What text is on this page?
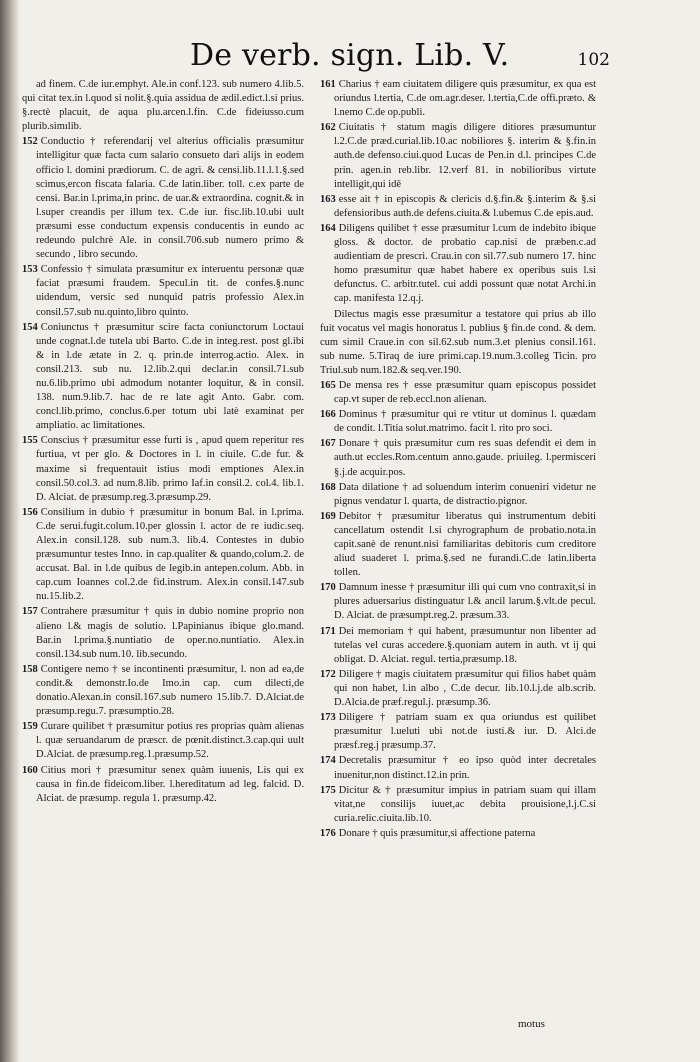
De verb. sign. Lib. V.	102
ad finem. C.de iur.emphyt. Ale.in conf.123. sub numero 4.lib.5. qui citat tex.in l.quod si nolit.§.quia assidua de ædil.edict.l.si prius. §.rectè placuit, de aqua plu.arcen.l.fin. C.de fideiusso.cum plurib.simılib.
152 Conductio † referendarij vel alterius officialis præsumitur intelligitur quæ facta cum salario consueto dari alijs in eodem officio l. domini prædiorum. C. de agri. & censi.lib.11.l.1.§.sed scimus,ercon fiscata falaria. C.de latin.liber. toll. c.ex parte de censi. Bar.in l.prima,in princ. de uar.& extraordina. cognit.& in l.super creandis per illum tex. C.de iur. fisc.lib.10.ubi uult præsumi esse conductum expensis conducentis in eundo ac redeundo pulchrè Ale. in consil.706.sub numero primo & secundo , libro secundo.
153 Confessio † simulata præsumitur ex interuentu personæ quæ faciat præsumi fraudem. Specul.in tit. de confes.§.nunc uidendum, versic sed nunquid patris professio Alex.in consil.57.sub nu.quinto,libro quinto.
154 Coniunctus † præsumitur scire facta coniunctorum l.octaui unde cognat.l.de tutela ubi Barto. C.de in integ.rest. post gl.ibi & in l.de ætate in 2. q. prin.de interrog.actio. Alex. in consil.213. sub nu. 12.lib.2.qui declar.in consil.71.sub nu.6.lib.primo ubi admodum notanter loquitur, & in consil. 138. num.9.lib.7. hac de re late agit Anto. Gabr. com. concl.lib.primo, conclus.6.per totum ubi latè examinat per ampliatio. ac limitationes.
155 Conscius † præsumitur esse furti is , apud quem reperitur res furtiua, vt per glo. & Doctores in l. in ciuile. C.de fur. & maxime si frequentauit istius modi emptiones Alex.in consil.50.col.3. ad num.8.lib. primo Iaf.in consil.2. col.4. lib.1. D. Alciat. de præsump.reg.3.præsump.29.
156 Consilium in dubio † præsumitur in bonum Bal. in l.prima. C.de serui.fugit.colum.10.per glossin l. actor de re iudic.seq. Alex.in consil.128. sub num.3. lib.4. Contestes in dubio præsumuntur testes Inno. in cap.qualiter & quando,colum.2. de accusat. Bal. in l.de quibus de legib.in antepen.colum. Abb. in cap.cum Ioannes col.2.de fid.instrum. Alex.in consil.147.sub nu.15.lib.2.
157 Contrahere præsumitur † quis in dubio nomine proprio non alieno l.& magis de solutio. l.Papinianus ibique glo.mand. Bar.in l.prima.§.nuntiatio de oper.no.nuntiatio. Alex.in consil.134.sub num.10. lib.secundo.
158 Contigere nemo † se incontinenti præsumitur, l. non ad ea,de condit.& demonstr.Io.de Imo.in cap. cum dilecti,de donatio.Alexan.in consil.167.sub numero 15.lib.7. D.Alciat.de præsump.regu.7. præsumptio.28.
159 Curare quilibet † præsumitur potius res proprias quàm alienas l. quæ seruandarum de præscr. de pœnit.distinct.3.cap.qui uult D.Alciat. de præsump.reg.1.præsump.52.
160 Citius mori † præsumitur senex quàm iuuenis, Lis qui ex causa in fin.de fideicom.liber. l.hereditatum ad leg. falcid. D. Alciat. de præsump. regula 1. præsump.42.
161 Charius † eam ciuitatem diligere quis præsumitur, ex qua est oriundus l.tertia, C.de om.agr.deser. l.tertia,C.de offi.præto. & l.nemo C.de op.publi.
162 Ciuitatis † statum magis diligere ditiores præsumuntur l.2.C.de præd.curial.lib.10.ac nobiliores §. interim & §.fin.in auth.de defenso.ciui.quod Lucas de Pen.in d.l. principes C.de prin. agen.in reb.libr. 12.verf 81. in nobilioribus virtute intelligit,qui idē
163 esse ait † in episcopis & clericis d.§.fin.& §.interim & §.si defensioribus auth.de defens.ciuita.& l.ubemus C.de epis.aud.
164 Diligens quilibet † esse præsumitur l.cum de indebito ibique gloss. & doctor. de probatio cap.nisi de præben.c.ad audientiam de prescri. Crau.in con sil.77.sub numero 17. hinc homo præsumitur quæ habet habere ex operibus suis l.si defunctus. C. arbitr.tutel. cui addi possunt quæ notat Archi.in cap. manifesta 12.q.j.
Dilectus magis esse præsumitur a testatore qui prius ab illo fuit vocatus vel magis honoratus l. publius § fin.de cond. & dem. cum simil Craue.in con sil.62.sub num.3.et plenius consil.161. sub nume. 5.Tiraq de iure primi.cap.19.num.3.colleg Ticin. pro Triul.sub num.182.& seq.ver.190.
165 De mensa res † esse præsumitur quam episcopus possidet cap.vt super de reb.eccl.non alienan.
166 Dominus † præsumitur qui re vtitur ut dominus l. quædam de condit. l.Titia solut.matrimo. facit l. rito pro soci.
167 Donare † quis præsumitur cum res suas defendit ei dem in auth.ut eccles.Rom.centum anno.gaude. priuileg. l.permisceri §.j.de acquir.pos.
168 Data dilatione † ad soluendum interim conueniri videtur ne pignus vendatur l. quarta, de distractio.pignor.
169 Debitor † præsumitur liberatus qui instrumentum debiti cancellatum ostendit l.si chyrographum de probatio.nota.in capit.sanè de renunt.nisi familiaritas debitoris cum creditore aliud suaderet l. prima.§.sed ne furandi.C.de latin.liberta tollen.
170 Damnum inesse † præsumitur illi qui cum vno contraxit,si in plures aduersarius distinguatur l.& ancil larum.§.vlt.de pecul. D. Alciat. de præsumpt.reg.2. præsum.33.
171 Dei memoriam † qui habent, præsumuntur non libenter ad tutelas vel curas accedere.§.quoniam autem in auth. vt ij qui obligat. D. Alciat. regul. tertia,præsump.18.
172 Diligere † magis ciuitatem præsumitur qui filios habet quàm qui non habet, l.in albo , C.de decur. lib.10.l.j.de alb.scrib. D.Alcia.de præf.regul.j. præsump.36.
173 Diligere † patriam suam ex qua oriundus est quilibet præsumitur l.ueluti ubi not.de iusti.& iur. D. Alci.de præsf.reg.j præsump.37.
174 Decretalis præsumitur † eo ipso quòd inter decretales inuenitur,non distinct.12.in prin.
175 Dicitur & † præsumitur impius in patriam suam qui illam vitat,ne consilijs iuuet,ac debita prouisione,l.j.C.si curia.relic.ciuita.lib.10.
176 Donare † quis præsumitur,si affectione paterna
motus
